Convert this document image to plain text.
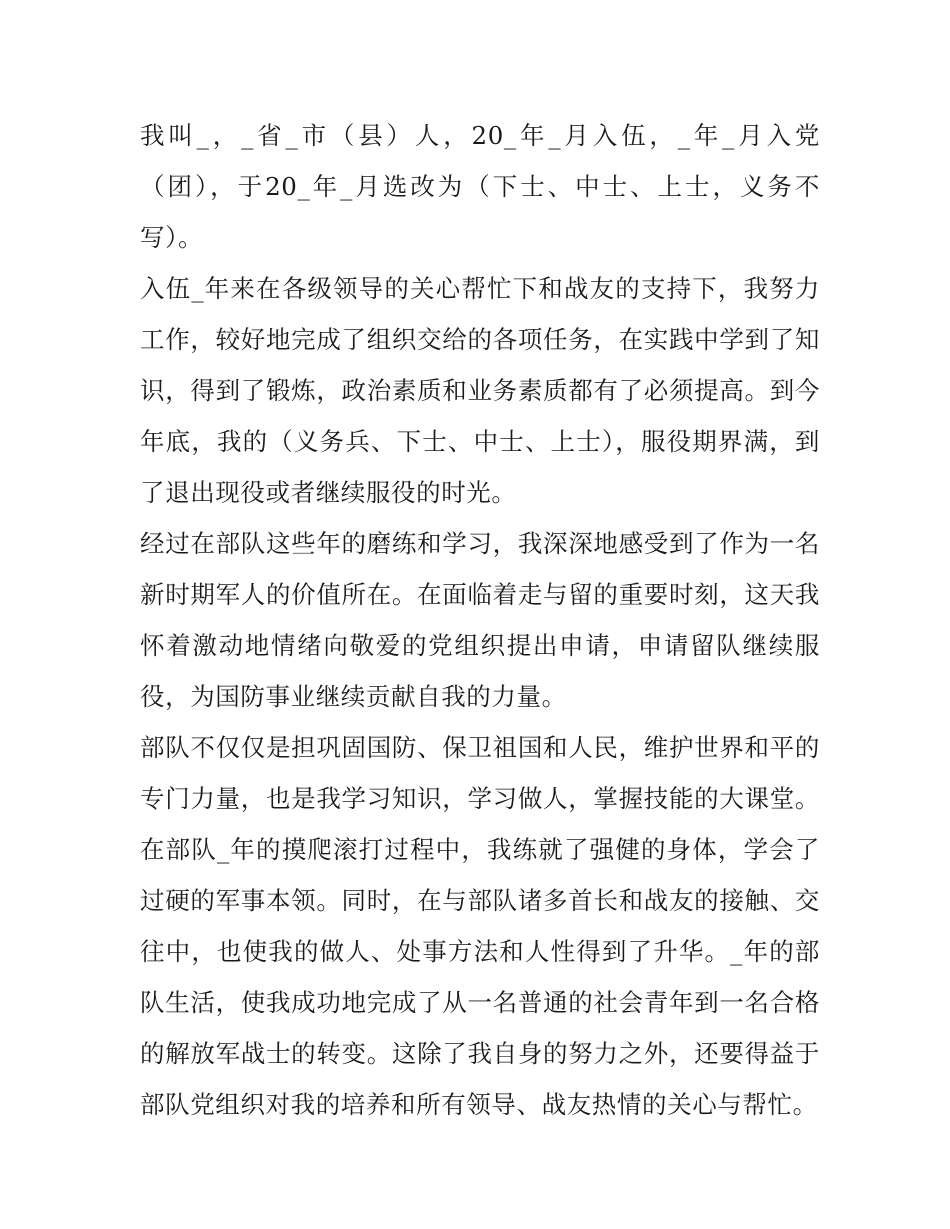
我叫_，_省_市（县）人，20_年_月入伍，_年_月入党（团），于20_年_月选改为（下士、中士、上士，义务不写）。

入伍_年来在各级领导的关心帮忙下和战友的支持下，我努力工作，较好地完成了组织交给的各项任务，在实践中学到了知识，得到了锻炼，政治素质和业务素质都有了必须提高。到今年底，我的（义务兵、下士、中士、上士），服役期界满，到了退出现役或者继续服役的时光。

经过在部队这些年的磨练和学习，我深深地感受到了作为一名新时期军人的价值所在。在面临着走与留的重要时刻，这天我怀着激动地情绪向敬爱的党组织提出申请，申请留队继续服役，为国防事业继续贡献自我的力量。

部队不仅仅是担巩固国防、保卫祖国和人民，维护世界和平的专门力量，也是我学习知识，学习做人，掌握技能的大课堂。在部队_年的摸爬滚打过程中，我练就了强健的身体，学会了过硬的军事本领。同时，在与部队诸多首长和战友的接触、交往中，也使我的做人、处事方法和人性得到了升华。_年的部队生活，使我成功地完成了从一名普通的社会青年到一名合格的解放军战士的转变。这除了我自身的努力之外，还要得益于部队党组织对我的培养和所有领导、战友热情的关心与帮忙。
